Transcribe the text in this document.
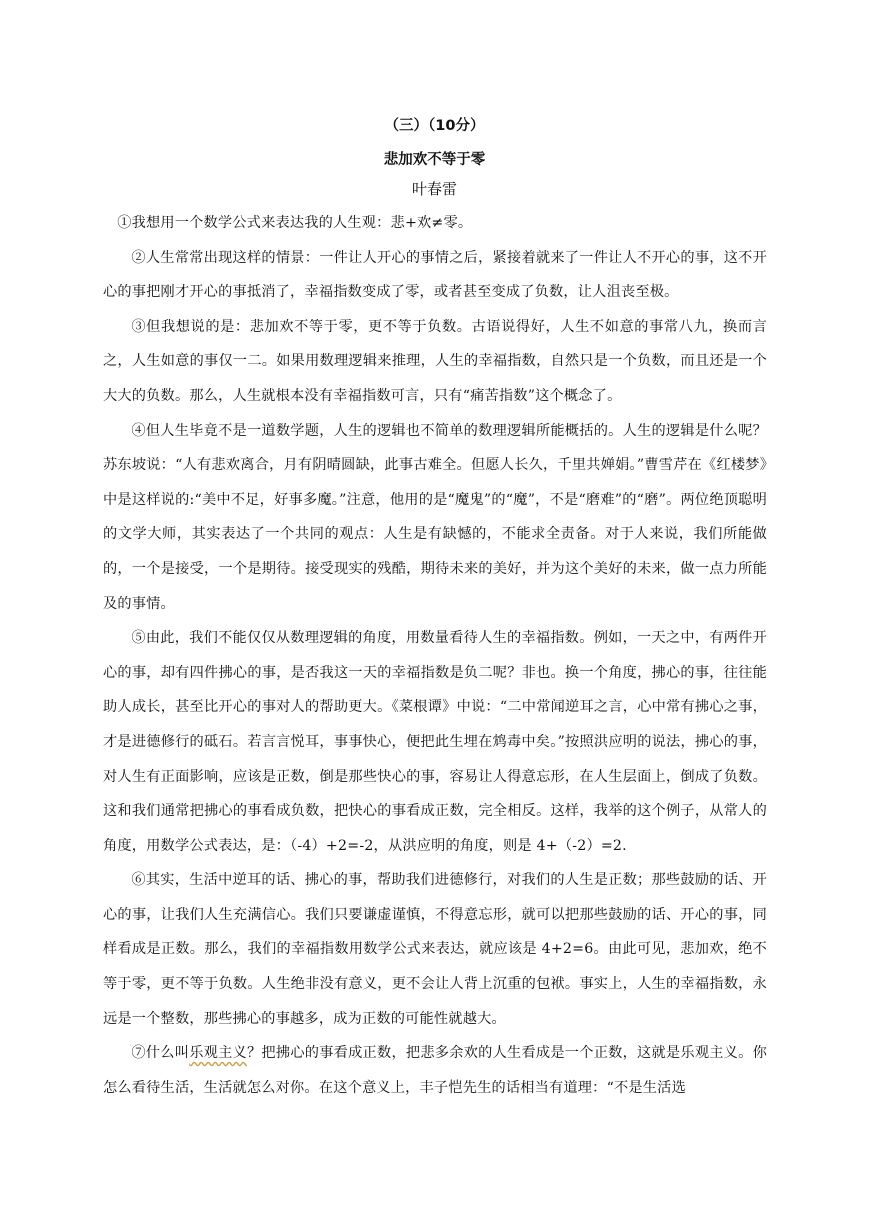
（三）（10分）

悲加欢不等于零

叶春雷

①我想用一个数学公式来表达我的人生观：悲+欢≠零。

②人生常常出现这样的情景：一件让人开心的事情之后，紧接着就来了一件让人不开心的事，这不开心的事把刚才开心的事抵消了，幸福指数变成了零，或者甚至变成了负数，让人沮丧至极。

③但我想说的是：悲加欢不等于零，更不等于负数。古语说得好，人生不如意的事常八九，换而言之，人生如意的事仅一二。如果用数理逻辑来推理，人生的幸福指数，自然只是一个负数，而且还是一个大大的负数。那么，人生就根本没有幸福指数可言，只有“痛苦指数”这个概念了。

④但人生毕竟不是一道数学题，人生的逻辑也不简单的数理逻辑所能概括的。人生的逻辑是什么呢？苏东坡说：“人有悲欢离合，月有阴晴圆缺，此事古难全。但愿人长久，千里共婵娟。”曹雪芹在《红楼梦》中是这样说的:“美中不足，好事多魔。”注意，他用的是“魔鬼”的“魔”，不是“磨难”的“磨”。两位绝顶聪明的文学大师，其实表达了一个共同的观点：人生是有缺憾的，不能求全责备。对于人来说，我们所能做的，一个是接受，一个是期待。接受现实的残酷，期待未来的美好，并为这个美好的未来，做一点力所能及的事情。

⑤由此，我们不能仅仅从数理逻辑的角度，用数量看待人生的幸福指数。例如，一天之中，有两件开心的事，却有四件拂心的事，是否我这一天的幸福指数是负二呢？非也。换一个角度，拂心的事，往往能助人成长，甚至比开心的事对人的帮助更大。《菜根谭》中说：“二中常闻逆耳之言，心中常有拂心之事，才是进德修行的砥石。若言言悦耳，事事快心，便把此生埋在鸩毒中矣。”按照洪应明的说法，拂心的事，对人生有正面影响，应该是正数，倒是那些快心的事，容易让人得意忘形，在人生层面上，倒成了负数。这和我们通常把拂心的事看成负数，把快心的事看成正数，完全相反。这样，我举的这个例子，从常人的角度，用数学公式表达，是：（-4）+2=-2，从洪应明的角度，则是 4+（-2）=2.

⑥其实，生活中逆耳的话、拂心的事，帮助我们进德修行，对我们的人生是正数；那些鼓励的话、开心的事，让我们人生充满信心。我们只要谦虚谨慎，不得意忘形，就可以把那些鼓励的话、开心的事，同样看成是正数。那么，我们的幸福指数用数学公式来表达，就应该是 4+2=6。由此可见，悲加欢，绝不等于零，更不等于负数。人生绝非没有意义，更不会让人背上沉重的包袱。事实上，人生的幸福指数，永远是一个整数，那些拂心的事越多，成为正数的可能性就越大。

⑦什么叫乐观主义？把拂心的事看成正数，把悲多余欢的人生看成是一个正数，这就是乐观主义。你怎么看待生活，生活就怎么对你。在这个意义上，丰子恺先生的话相当有道理：“不是生活选
